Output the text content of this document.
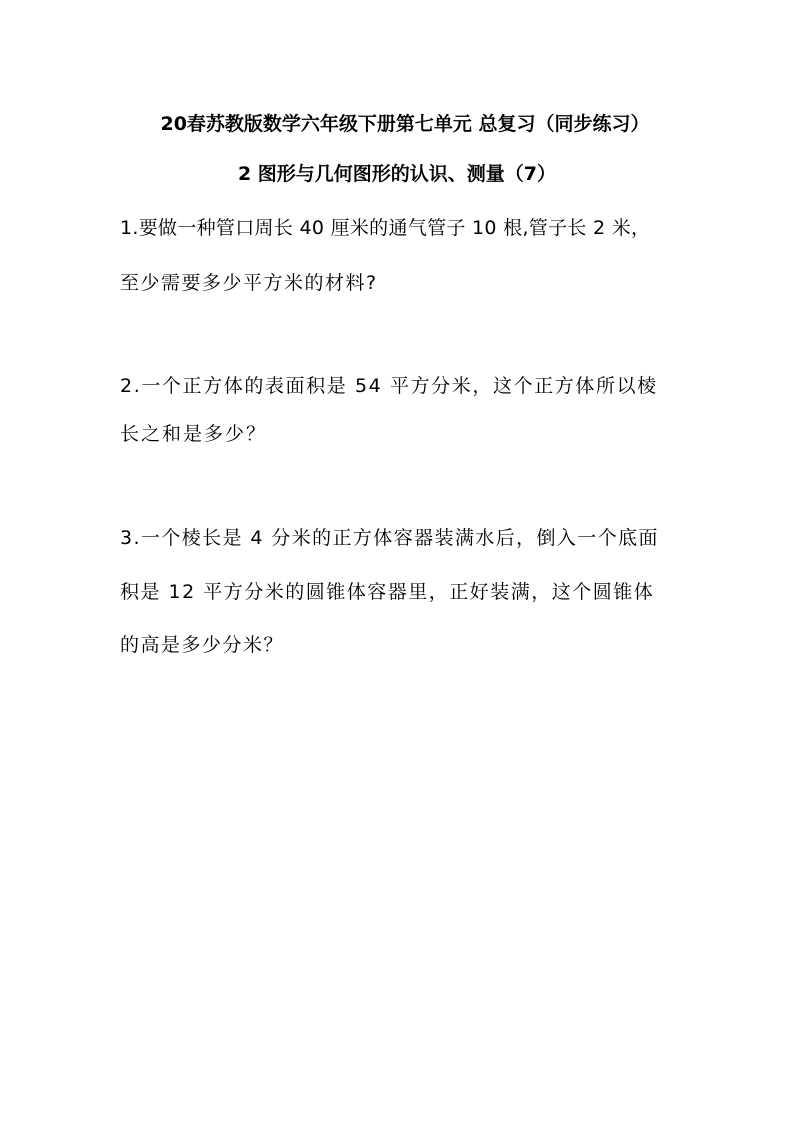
20春苏教版数学六年级下册第七单元 总复习（同步练习）
2 图形与几何图形的认识、测量（7）
1.要做一种管口周长 40 厘米的通气管子 10 根,管子长 2 米，
至少需要多少平方米的材料?
2.一个正方体的表面积是 54 平方分米，这个正方体所以棱
长之和是多少？
3.一个棱长是 4 分米的正方体容器装满水后，倒入一个底面
积是 12 平方分米的圆锥体容器里，正好装满，这个圆锥体
的高是多少分米？
